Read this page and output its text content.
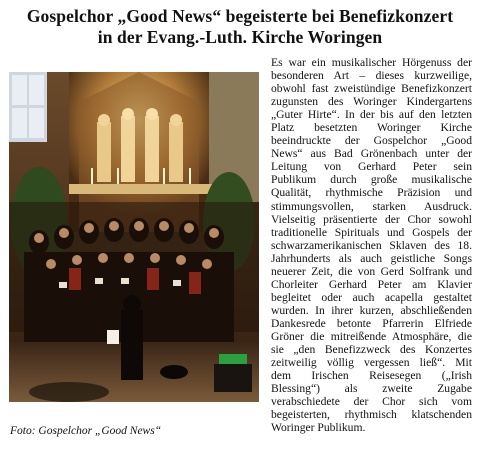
Gospelchor „Good News“ begeisterte bei Benefizkonzert
in der Evang.-Luth. Kirche Woringen
Foto: Gospelchor „Good News“
Es war ein musikalischer Hörgenuss der
besonderen Art – dieses kurzweilige,
obwohl fast zweistündige Benefizkonzert
zugunsten des Woringer Kindergartens
„Guter Hirte“. In der bis auf den letzten
Platz besetzten Woringer Kirche
beeindruckte der Gospelchor „Good
News“ aus Bad Grönenbach unter der
Leitung von Gerhard Peter sein
Publikum durch große musikalische
Qualität, rhythmische Präzision und
stimmungsvollen, starken Ausdruck.
Vielseitig präsentierte der Chor sowohl
traditionelle Spirituals und Gospels der
schwarzamerikanischen Sklaven des 18.
Jahrhunderts als auch geistliche Songs
neuerer Zeit, die von Gerd Solfrank und
Chorleiter Gerhard Peter am Klavier
begleitet oder auch acapella gestaltet
wurden. In ihrer kurzen, abschließenden
Dankesrede betonte Pfarrerin Elfriede
Gröner die mitreißende Atmosphäre, die
sie „den Benefizzweck des Konzertes
zeitweilig völlig vergessen ließ“. Mit
dem Irischen Reisesegen („Irish
Blessing“) als zweite Zugabe
verabschiedete der Chor sich vom
begeisterten, rhythmisch klatschenden
Woringer Publikum.
